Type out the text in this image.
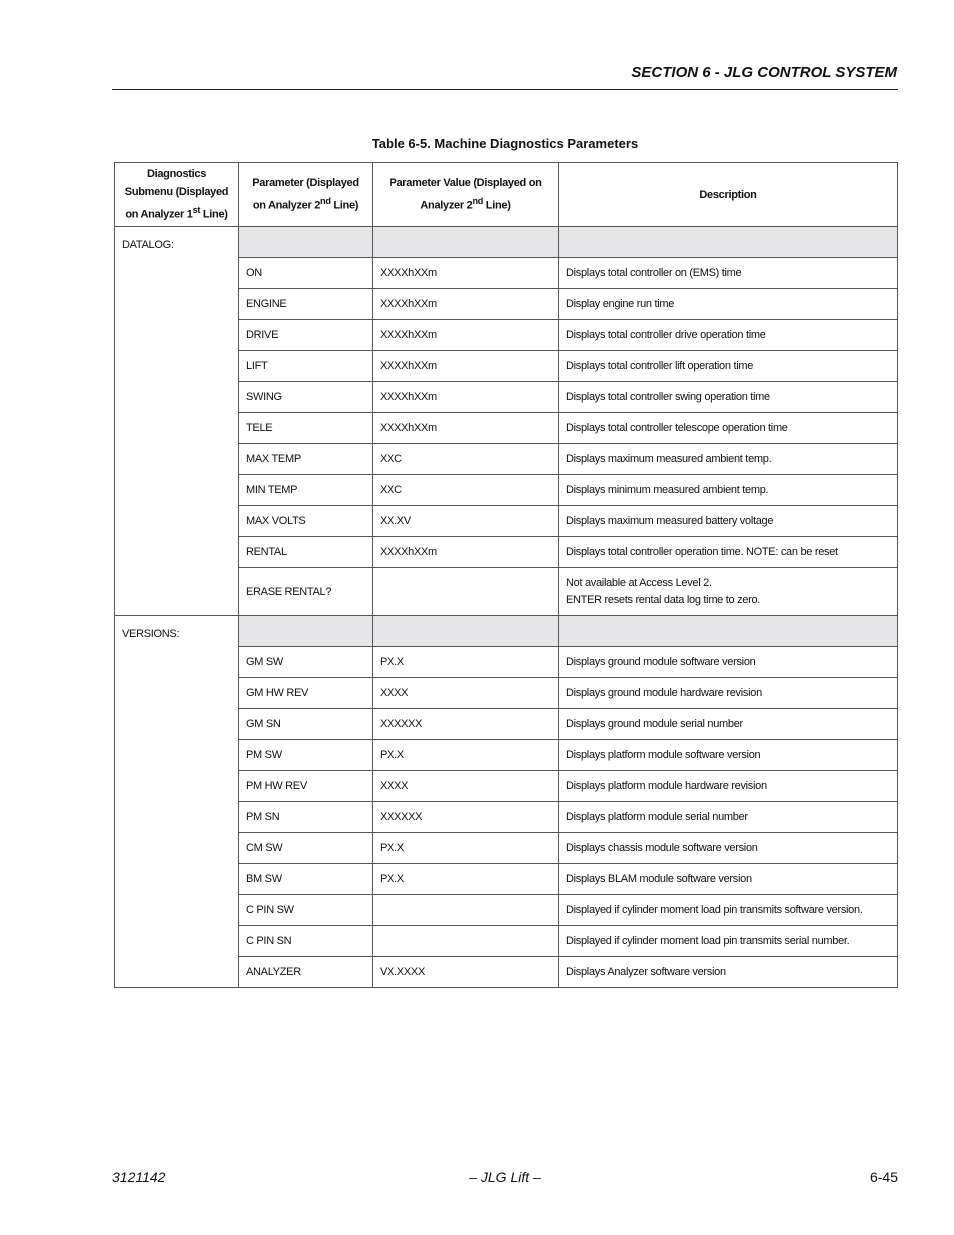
SECTION 6 - JLG CONTROL SYSTEM
Table 6-5. Machine Diagnostics Parameters
Diagnostics Submenu (Displayed on Analyzer 1st Line)	Parameter (Displayed on Analyzer 2nd Line)	Parameter Value (Displayed on Analyzer 2nd Line)	Description
DATALOG:			
	ON	XXXXhXXm	Displays total controller on (EMS) time

	ENGINE	XXXXhXXm	Display engine run time

	DRIVE	XXXXhXXm	Displays total controller drive operation time

	LIFT	XXXXhXXm	Displays total controller lift operation time

	SWING	XXXXhXXm	Displays total controller swing operation time

	TELE	XXXXhXXm	Displays total controller telescope operation time

	MAX TEMP	XXC	Displays maximum measured ambient temp.

	MIN TEMP	XXC	Displays minimum measured ambient temp.

	MAX VOLTS	XX.XV	Displays maximum measured battery voltage

	RENTAL	XXXXhXXm	Displays total controller operation time. NOTE: can be reset

	ERASE RENTAL?		Not available at Access Level 2.
ENTER resets rental data log time to zero.

VERSIONS:			
	GM SW	PX.X	Displays ground module software version

	GM HW REV	XXXX	Displays ground module hardware revision

	GM SN	XXXXXX	Displays ground module serial number

	PM SW	PX.X	Displays platform module software version

	PM HW REV	XXXX	Displays platform module hardware revision

	PM SN	XXXXXX	Displays platform module serial number

	CM SW	PX.X	Displays chassis module software version

	BM SW	PX.X	Displays BLAM module software version

	C PIN SW		Displayed if cylinder moment load pin transmits software version.

	C PIN SN		Displayed if cylinder moment load pin transmits serial number.

	ANALYZER	VX.XXXX	Displays Analyzer software version
3121142	– JLG Lift –	6-45
